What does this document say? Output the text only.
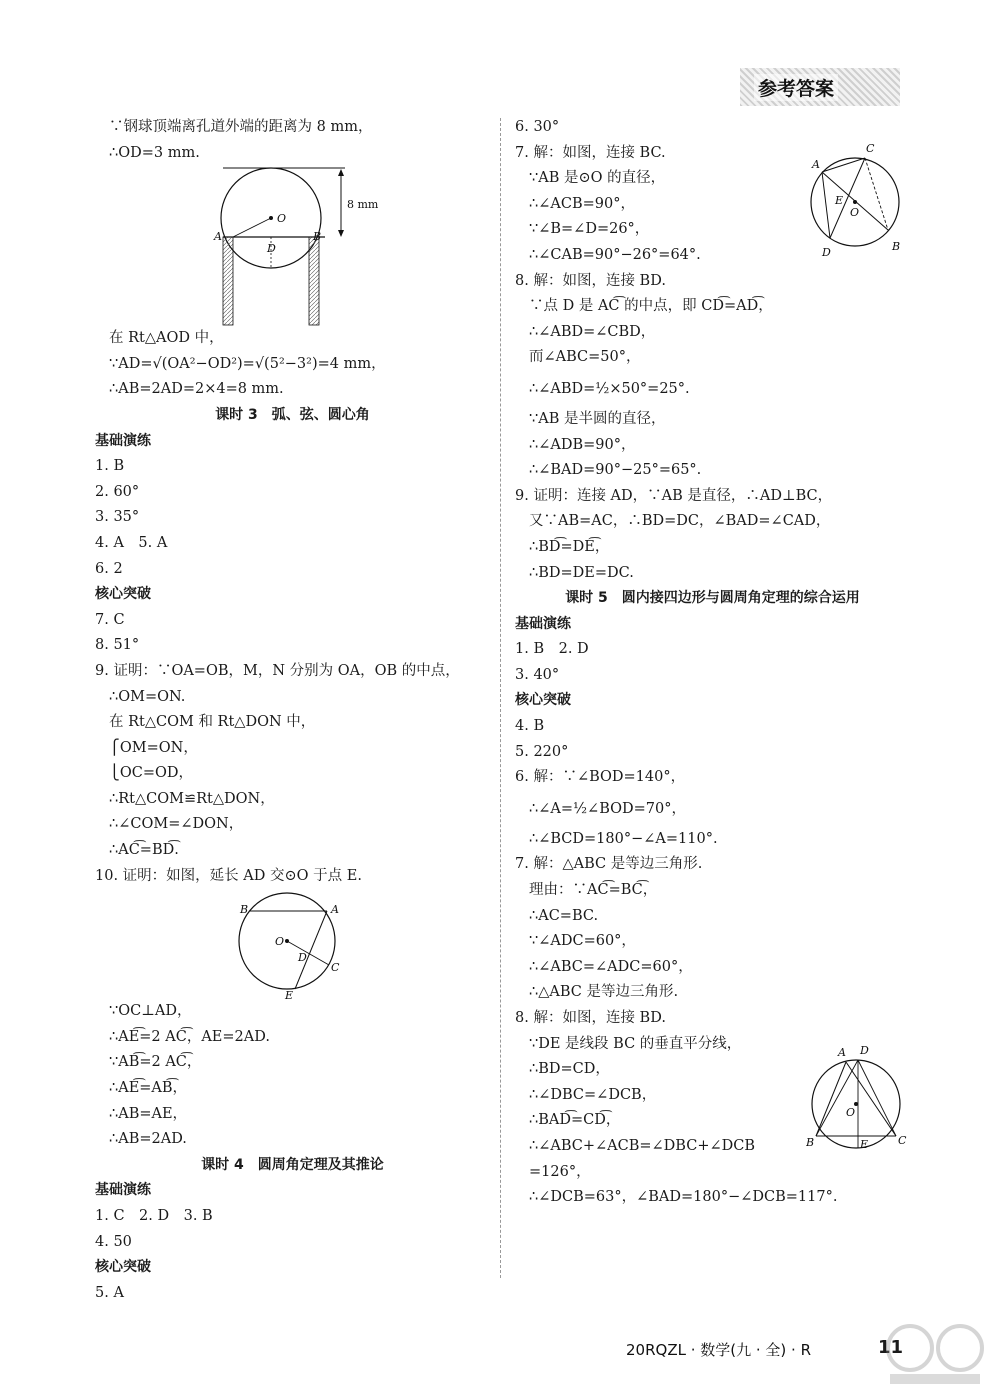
参考答案
∵钢球顶端离孔道外端的距离为 8 mm，
∴OD=3 mm.
O
A	B
D
8 mm
在 Rt△AOD 中，
∵AD=√(OA²−OD²)=√(5²−3²)=4 mm，
∴AB=2AD=2×4=8 mm.
课时 3　弧、弦、圆心角
基础演练
1. B
2. 60°
3. 35°
4. A　5. A
6. 2
核心突破
7. C
8. 51°
9. 证明：∵OA=OB，M，N 分别为 OA，OB 的中点，
∴OM=ON.
在 Rt△COM 和 Rt△DON 中，
⎧OM=ON，
⎩OC=OD，
∴Rt△COM≌Rt△DON，
∴∠COM=∠DON，
∴AC͡=BD͡.
10. 证明：如图，延长 AD 交⊙O 于点 E.
B	A
O
D
C
E
∵OC⊥AD，
∴AE͡=2 AC͡，AE=2AD.
∵AB͡=2 AC͡，
∴AE͡=AB͡，
∴AB=AE，
∴AB=2AD.
课时 4　圆周角定理及其推论
基础演练
1. C　2. D　3. B
4. 50
核心突破
5. A
6. 30°
7. 解：如图，连接 BC.
∵AB 是⊙O 的直径，
∴∠ACB=90°，
∵∠B=∠D=26°，
∴∠CAB=90°−26°=64°.
8. 解：如图，连接 BD.
∵点 D 是 AC͡ 的中点，即 CD͡=AD͡，
∴∠ABD=∠CBD，
而∠ABC=50°，
∴∠ABD=½×50°=25°.
∵AB 是半圆的直径，
∴∠ADB=90°，
∴∠BAD=90°−25°=65°.
9. 证明：连接 AD，∵AB 是直径，∴AD⊥BC，
又∵AB=AC，∴BD=DC，∠BAD=∠CAD，
∴BD͡=DE͡，
∴BD=DE=DC.
课时 5　圆内接四边形与圆周角定理的综合运用
基础演练
1. B　2. D
3. 40°
核心突破
4. B
5. 220°
6. 解：∵∠BOD=140°，
∴∠A=½∠BOD=70°，
∴∠BCD=180°−∠A=110°.
7. 解：△ABC 是等边三角形.
理由：∵AC͡=BC͡，
∴AC=BC.
∵∠ADC=60°，
∴∠ABC=∠ADC=60°，
∴△ABC 是等边三角形.
8. 解：如图，连接 BD.
∵DE 是线段 BC 的垂直平分线，
∴BD=CD，
∴∠DBC=∠DCB，
∴BAD͡=CD͡，
∴∠ABC+∠ACB=∠DBC+∠DCB
=126°，
∴∠DCB=63°，∠BAD=180°−∠DCB=117°.
A
C
E
O
B
D
A D
O
B	E	C
20RQZL · 数学(九 · 全) · R	11
